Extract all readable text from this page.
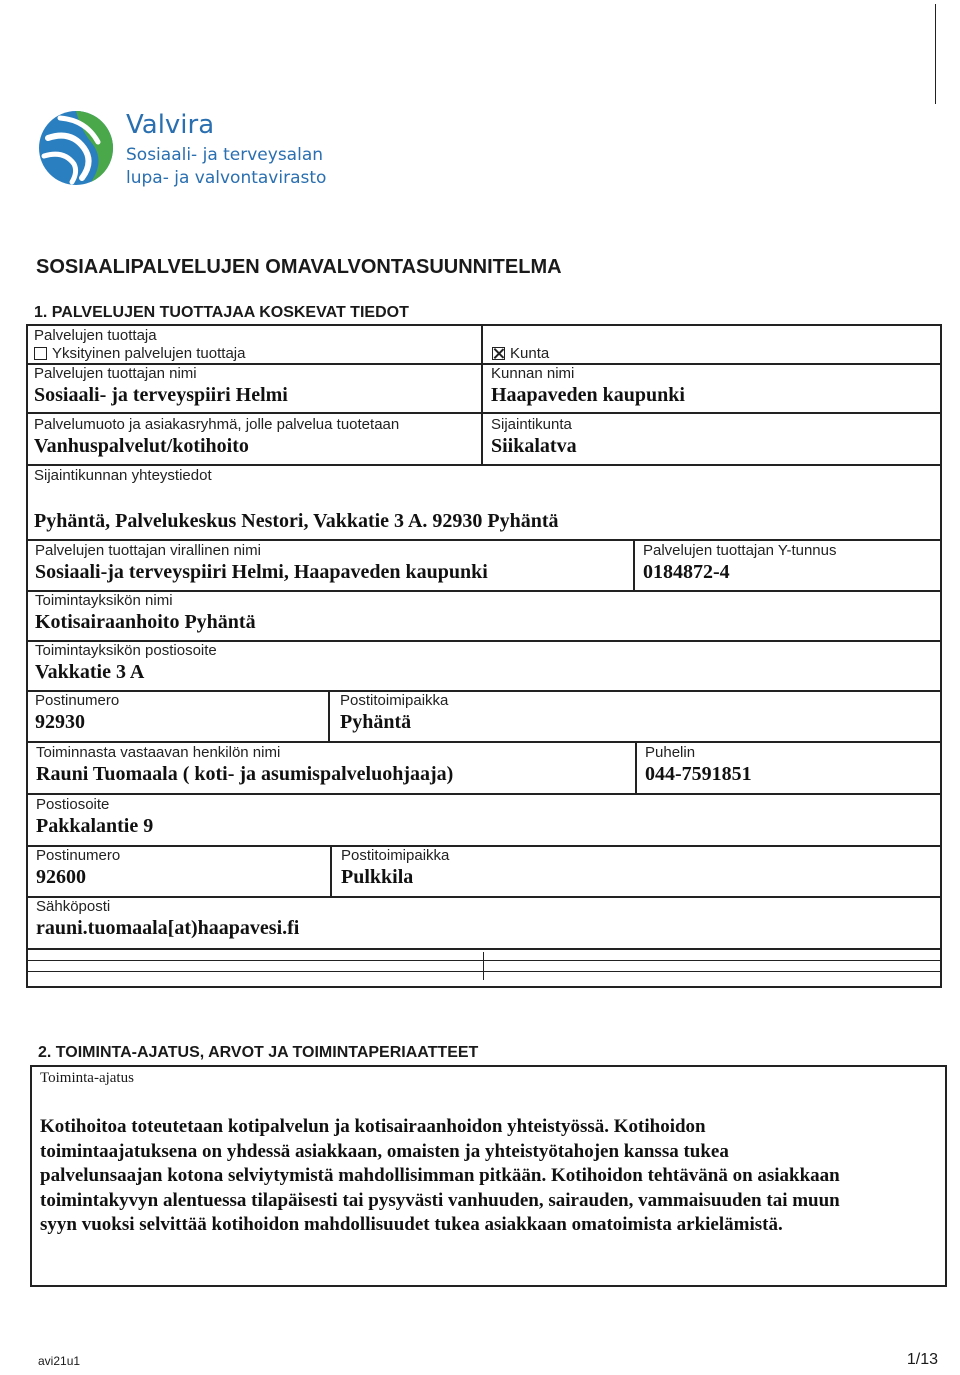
Valvira
Sosiaali- ja terveysalan
lupa- ja valvontavirasto
SOSIAALIPALVELUJEN OMAVALVONTASUUNNITELMA
1. PALVELUJEN TUOTTAJAA KOSKEVAT TIEDOT
Palvelujen tuottaja
Yksityinen palvelujen tuottaja	Kunta
Palvelujen tuottajan nimi
Sosiaali- ja terveyspiiri Helmi
Kunnan nimi
Haapaveden kaupunki
Palvelumuoto ja asiakasryhmä, jolle palvelua tuotetaan
Vanhuspalvelut/kotihoito
Sijaintikunta
Siikalatva
Sijaintikunnan yhteystiedot
Pyhäntä, Palvelukeskus Nestori, Vakkatie 3 A. 92930 Pyhäntä
Palvelujen tuottajan virallinen nimi
Sosiaali-ja terveyspiiri Helmi, Haapaveden kaupunki
Palvelujen tuottajan Y-tunnus
0184872-4
Toimintayksikön nimi
Kotisairaanhoito Pyhäntä
Toimintayksikön postiosoite
Vakkatie 3 A
Postinumero
92930
Postitoimipaikka
Pyhäntä
Toiminnasta vastaavan henkilön nimi
Rauni Tuomaala ( koti- ja asumispalveluohjaaja)
Puhelin
044-7591851
Postiosoite
Pakkalantie 9
Postinumero
92600
Postitoimipaikka
Pulkkila
Sähköposti
rauni.tuomaala[at)haapavesi.fi
2. TOIMINTA-AJATUS, ARVOT JA TOIMINTAPERIAATTEET
Toiminta-ajatus
Kotihoitoa toteutetaan kotipalvelun ja kotisairaanhoidon yhteistyössä. Kotihoidon
toimintaajatuksena on yhdessä asiakkaan, omaisten ja yhteistyötahojen kanssa tukea
palvelunsaajan kotona selviytymistä mahdollisimman pitkään. Kotihoidon tehtävänä on asiakkaan
toimintakyvyn alentuessa tilapäisesti tai pysyvästi vanhuuden, sairauden, vammaisuuden tai muun
syyn vuoksi selvittää kotihoidon mahdollisuudet tukea asiakkaan omatoimista arkielämistä.
avi21u1	1/13
